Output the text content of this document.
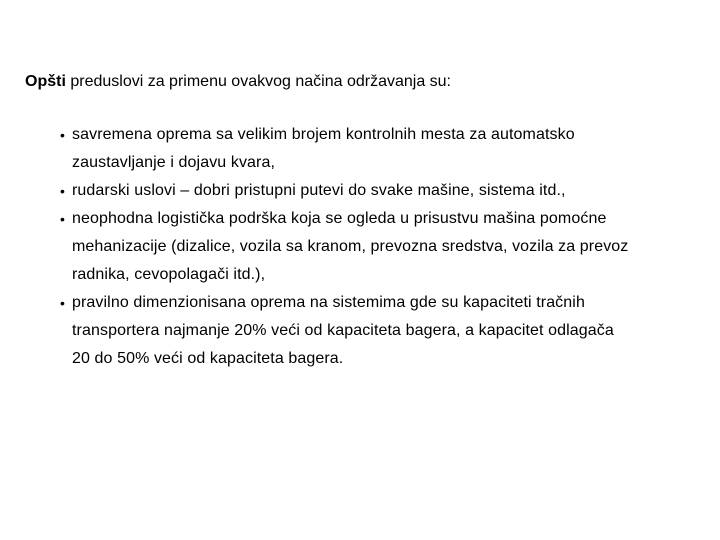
Opšti preduslovi za primenu ovakvog načina održavanja su:
• savremena oprema sa velikim brojem kontrolnih mesta za automatsko
zaustavljanje i dojavu kvara,
• rudarski uslovi – dobri pristupni putevi do svake mašine, sistema itd.,
• neophodna logistička podrška koja se ogleda u prisustvu mašina pomoćne
mehanizacije (dizalice, vozila sa kranom, prevozna sredstva, vozila za prevoz
radnika, cevopolagači itd.),
• pravilno dimenzionisana oprema na sistemima gde su kapaciteti tračnih
transportera najmanje 20% veći od kapaciteta bagera, a kapacitet odlagača
20 do 50% veći od kapaciteta bagera.
